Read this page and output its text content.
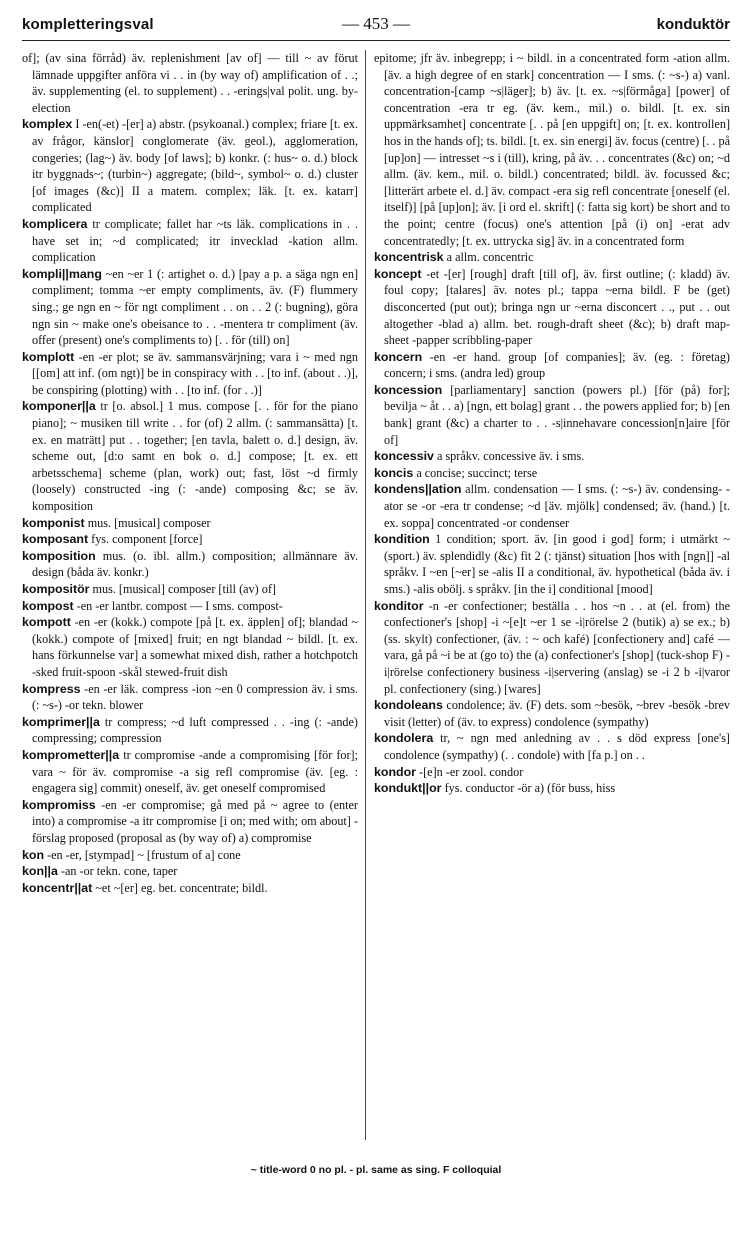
kompletteringsval	— 453 —	konduktör

of]; (av sina förråd) äv. replenishment [av of] — till ~ av förut lämnade uppgifter anföra vi . . in (by way of) amplification of . .; äv. supplementing (el. to supplement) . . -erings|val polit. ung. by-election

komplex I -en(-et) -[er] a) abstr. (psykoanal.) complex; friare [t. ex. av frågor, känslor] conglomerate (äv. geol.), agglomeration, congeries; (lag~) äv. body [of laws]; b) konkr. (: hus~ o. d.) block itr byggnads~; (turbin~) aggregate; (bild~, symbol~ o. d.) cluster [of images (&c)] II a matem. complex; läk. [t. ex. katarr] complicated

komplicera tr complicate; fallet har ~ts läk. complications in . . have set in; ~d complicated; itr invecklad -kation allm. complication

kompli||mang ~en ~er 1 (: artighet o. d.) [pay a p. a säga ngn en] compliment; tomma ~er empty compliments, äv. (F) flummery sing.; ge ngn en ~ för ngt compliment . . on . . 2 (: bugning), göra ngn sin ~ make one's obeisance to . . -mentera tr compliment (äv. offer (present) one's compliments to) [. . för (till) on]

komplott -en -er plot; se äv. sammansvärjning; vara i ~ med ngn [[om] att inf. (om ngt)] be in conspiracy with . . [to inf. (about . .)], be conspiring (plotting) with . . [to inf. (for . .)]

komponer||a tr [o. absol.] 1 mus. compose [. . för for the piano piano]; ~ musiken till write . . for (of) 2 allm. (: sammansätta) [t. ex. en maträtt] put . . together; [en tavla, balett o. d.] design, äv. scheme out, [d:o samt en bok o. d.] compose; [t. ex. ett arbetsschema] scheme (plan, work) out; fast, löst ~d firmly (loosely) constructed -ing (: -ande) composing &c; se äv. komposition

komponist mus. [musical] composer

komposant fys. component [force]

komposition mus. (o. ibl. allm.) composition; allmännare äv. design (båda äv. konkr.)

kompositör mus. [musical] composer [till (av) of]

kompost -en -er lantbr. compost — I sms. compost-

kompott -en -er (kokk.) compote [på [t. ex. äpplen] of]; blandad ~ (kokk.) compote of [mixed] fruit; en ngt blandad ~ bildl. [t. ex. hans förkunnelse var] a somewhat mixed dish, rather a hotchpotch -sked fruit-spoon -skål stewed-fruit dish

kompress -en -er läk. compress -ion ~en 0 compression äv. i sms. (: ~s-) -or tekn. blower

komprimer||a tr compress; ~d luft compressed . . -ing (: -ande) compressing; compression

komprometter||a tr compromise -ande a compromising [för for]; vara ~ för äv. compromise -a sig refl compromise (äv. [eg. : engagera sig] commit) oneself, äv. get oneself compromised

kompromiss -en -er compromise; gå med på ~ agree to (enter into) a compromise -a itr compromise [i on; med with; om about] -förslag proposed (proposal as (by way of) a) compromise

kon -en -er, [stympad] ~ [frustum of a] cone

kon||a -an -or tekn. cone, taper

koncentr||at ~et ~[er] eg. bet. concentrate; bildl.

epitome; jfr äv. inbegrepp; i ~ bildl. in a concentrated form -ation allm. [äv. a high degree of en stark] concentration — I sms. (: ~s-) a) vanl. concentration-[camp ~s|läger]; b) äv. [t. ex. ~s|förmåga] [power] of concentration -era tr eg. (äv. kem., mil.) o. bildl. [t. ex. sin uppmärksamhet] concentrate [. . på [en uppgift] on; [t. ex. kontrollen] hos in the hands of]; ts. bildl. [t. ex. sin energi] äv. focus (centre) [. . på [up]on] — intresset ~s i (till), kring, på äv. . . concentrates (&c) on; ~d allm. (äv. kem., mil. o. bildl.) concentrated; bildl. äv. focussed &c; [litterärt arbete el. d.] äv. compact -era sig refl concentrate [oneself (el. itself)] [på [up]on]; äv. [i ord el. skrift] (: fatta sig kort) be short and to the point; centre (focus) one's attention [på (i) on] -erat adv concentratedly; [t. ex. uttrycka sig] äv. in a concentrated form

koncentrisk a allm. concentric

koncept -et -[er] [rough] draft [till of], äv. first outline; (: kladd) äv. foul copy; [talares] äv. notes pl.; tappa ~erna bildl. F be (get) disconcerted (put out); bringa ngn ur ~erna disconcert . ., put . . out altogether -blad a) allm. bet. rough-draft sheet (&c); b) draft map-sheet -papper scribbling-paper

koncern -en -er hand. group [of companies]; äv. (eg. : företag) concern; i sms. (andra led) group

koncession [parliamentary] sanction (powers pl.) [för (på) for]; bevilja ~ åt . . a) [ngn, ett bolag] grant . . the powers applied for; b) [en bank] grant (&c) a charter to . . -s|innehavare concession[n]aire [för of]

koncessiv a språkv. concessive äv. i sms.

koncis a concise; succinct; terse

kondens||ation allm. condensation — I sms. (: ~s-) äv. condensing- -ator se -or -era tr condense; ~d [äv. mjölk] condensed; äv. (hand.) [t. ex. soppa] concentrated -or condenser

kondition 1 condition; sport. äv. [in good i god] form; i utmärkt ~ (sport.) äv. splendidly (&c) fit 2 (: tjänst) situation [hos with [ngn]] -al språkv. I ~en [~er] se -alis II a conditional, äv. hypothetical (båda äv. i sms.) -alis obölj. s språkv. [in the i] conditional [mood]

konditor -n -er confectioner; beställa . . hos ~n . . at (el. from) the confectioner's [shop] -i ~[e]t ~er 1 se -i|rörelse 2 (butik) a) se ex.; b) (ss. skylt) confectioner, (äv. : ~ och kafé) [confectionery and] café — vara, gå på ~i be at (go to) the (a) confectioner's [shop] (tuck-shop F) -i|rörelse confectionery business -i|servering (anslag) se -i 2 b -i|varor pl. confectionery (sing.) [wares]

kondoleans condolence; äv. (F) dets. som ~besök, ~brev -besök -brev visit (letter) of (äv. to express) condolence (sympathy)

kondolera tr, ~ ngn med anledning av . . s död express [one's] condolence (sympathy) (. . condole) with [fa p.] on . .

kondor -[e]n -er zool. condor

kondukt||or fys. conductor -ör a) (för buss, hiss

~ title-word 0 no pl. - pl. same as sing. F colloquial
